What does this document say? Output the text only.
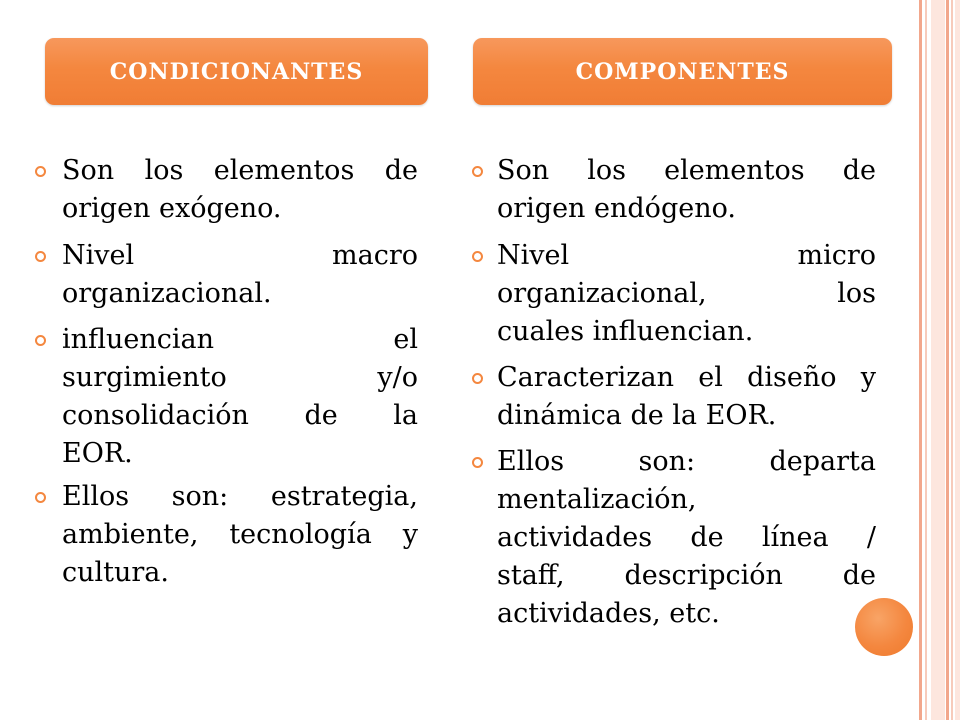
CONDICIONANTES	COMPONENTES
Son los elementos de
origen exógeno.
Nivel macro
organizacional.
influencian el
surgimiento y/o
consolidación de la
EOR.
Ellos son: estrategia,
ambiente, tecnología y
cultura.
Son los elementos de
origen endógeno.
Nivel micro
organizacional, los
cuales influencian.
Caracterizan el diseño y
dinámica de la EOR.
Ellos son: departa
mentalización,
actividades de línea /
staff, descripción de
actividades, etc.
